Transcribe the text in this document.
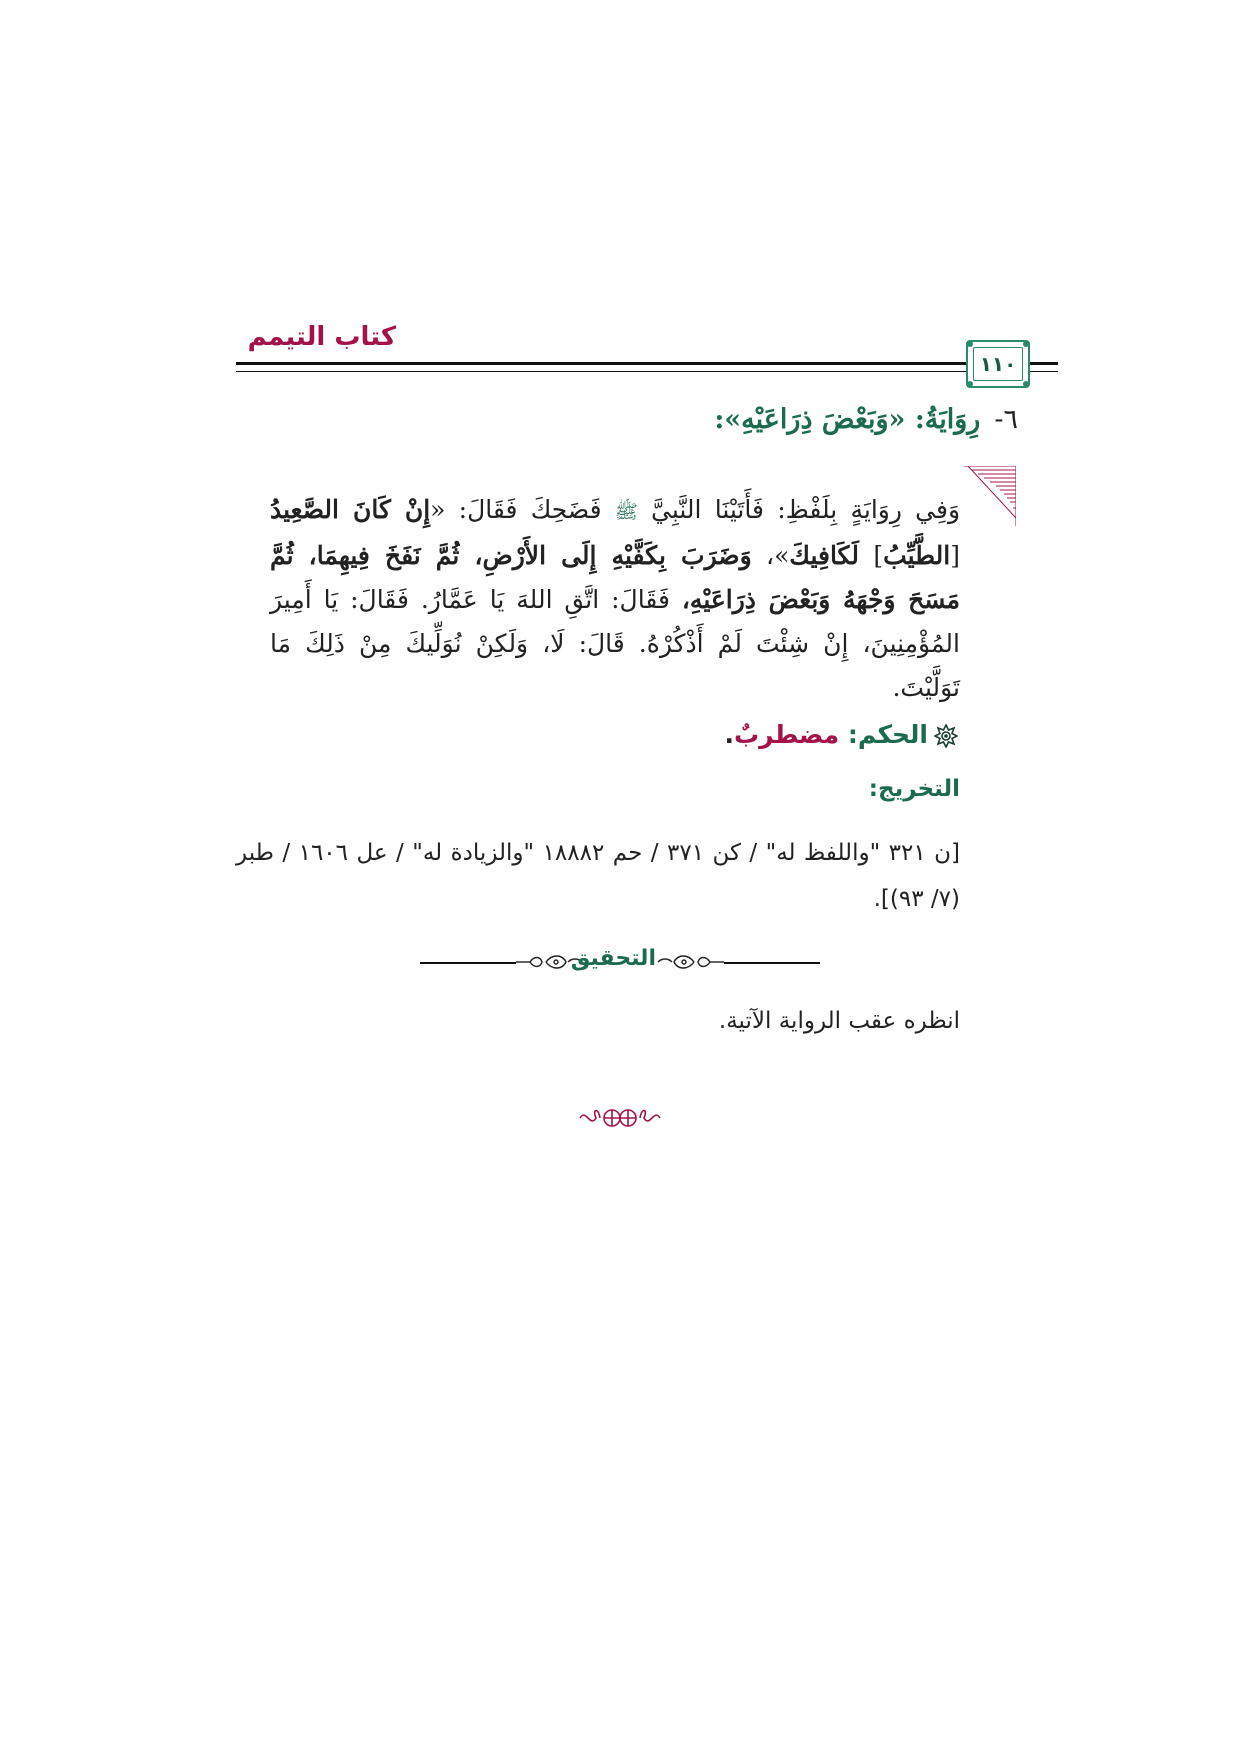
كتاب التيمم
١١٠
٦-رِوَايَةُ: «وَبَعْضَ ذِرَاعَيْهِ»:
وَفِي رِوَايَةٍ بِلَفْظِ: فَأَتَيْنَا النَّبِيَّ ﷺ فَضَحِكَ فَقَالَ: «إِنْ كَانَ الصَّعِيدُ [الطَّيِّبُ] لَكَافِيكَ»، وَضَرَبَ بِكَفَّيْهِ إِلَى الأَرْضِ، ثُمَّ نَفَخَ فِيهِمَا، ثُمَّ مَسَحَ وَجْهَهُ وَبَعْضَ ذِرَاعَيْهِ، فَقَالَ: اتَّقِ اللهَ يَا عَمَّارُ. فَقَالَ: يَا أَمِيرَ المُؤْمِنِينَ، إِنْ شِئْتَ لَمْ أَذْكُرْهُ. قَالَ: لَا، وَلَكِنْ نُوَلِّيكَ مِنْ ذَلِكَ مَا تَوَلَّيْتَ.
الحكم: مضطربٌ.
التخريج:
[ن ٣٢١ "واللفظ له" / كن ٣٧١ / حم ١٨٨٨٢ "والزيادة له" / عل ١٦٠٦ / طبر (٧/ ٩٣)].
التحقيق
انظره عقب الرواية الآتية.
